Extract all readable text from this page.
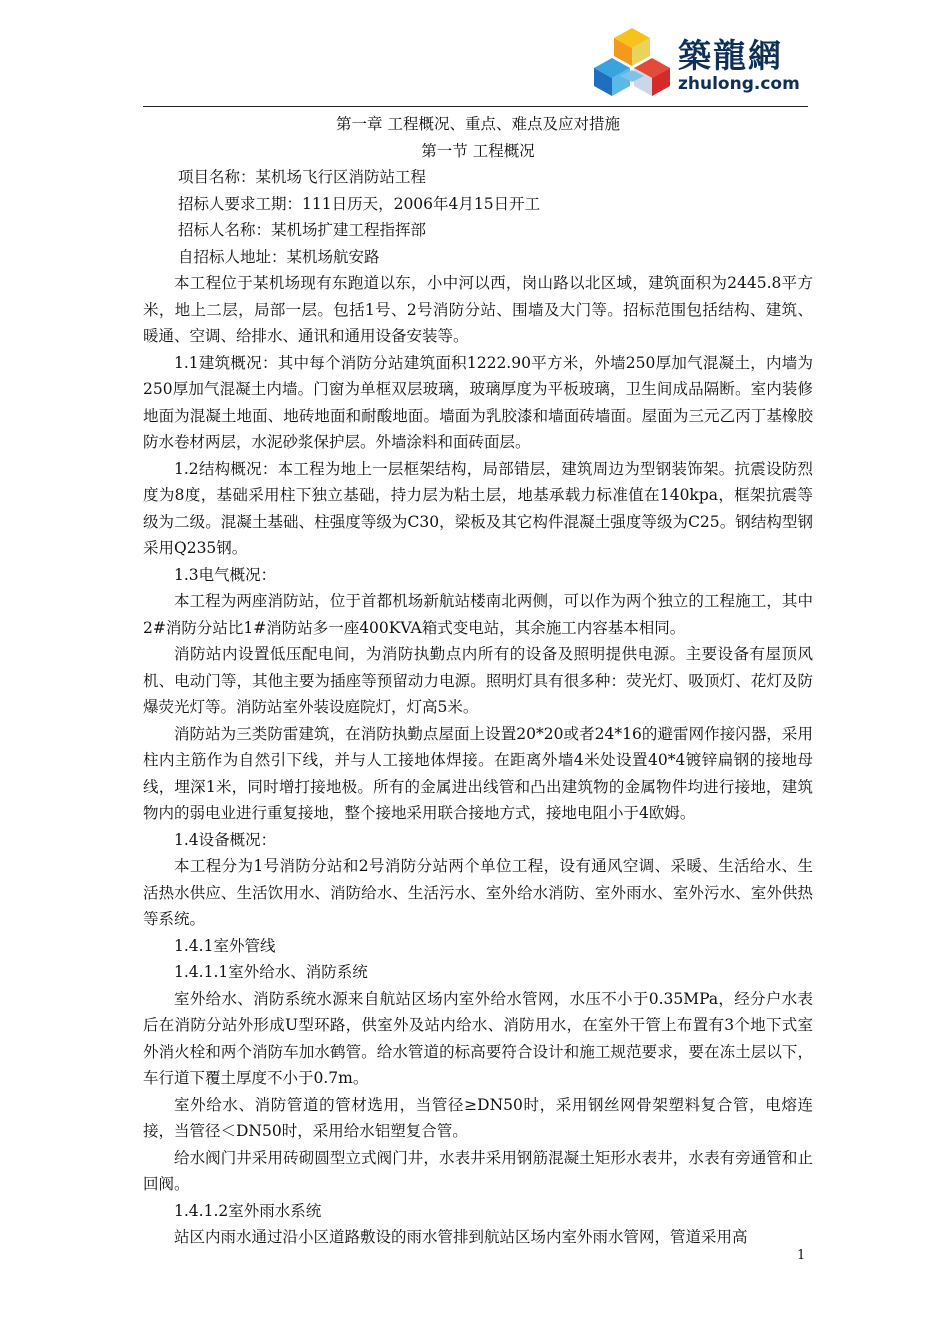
築龍網
zhulong.com
第一章 工程概况、重点、难点及应对措施
第一节 工程概况

项目名称：某机场飞行区消防站工程

招标人要求工期：111日历天，2006年4月15日开工

招标人名称：某机场扩建工程指挥部

自招标人地址：某机场航安路

本工程位于某机场现有东跑道以东，小中河以西，岗山路以北区域，建筑面积为2445.8平方米，地上二层，局部一层。包括1号、2号消防分站、围墙及大门等。招标范围包括结构、建筑、暖通、空调、给排水、通讯和通用设备安装等。

1.1建筑概况：其中每个消防分站建筑面积1222.90平方米，外墙250厚加气混凝土，内墙为250厚加气混凝土内墙。门窗为单框双层玻璃，玻璃厚度为平板玻璃，卫生间成品隔断。室内装修地面为混凝土地面、地砖地面和耐酸地面。墙面为乳胶漆和墙面砖墙面。屋面为三元乙丙丁基橡胶防水卷材两层，水泥砂浆保护层。外墙涂料和面砖面层。

1.2结构概况：本工程为地上一层框架结构，局部错层，建筑周边为型钢装饰架。抗震设防烈度为8度，基础采用柱下独立基础，持力层为粘土层，地基承载力标准值在140kpa，框架抗震等级为二级。混凝土基础、柱强度等级为C30，梁板及其它构件混凝土强度等级为C25。钢结构型钢采用Q235钢。

1.3电气概况：

本工程为两座消防站，位于首都机场新航站楼南北两侧，可以作为两个独立的工程施工，其中2#消防分站比1#消防站多一座400KVA箱式变电站，其余施工内容基本相同。

消防站内设置低压配电间，为消防执勤点内所有的设备及照明提供电源。主要设备有屋顶风机、电动门等，其他主要为插座等预留动力电源。照明灯具有很多种：荧光灯、吸顶灯、花灯及防爆荧光灯等。消防站室外装设庭院灯，灯高5米。

消防站为三类防雷建筑，在消防执勤点屋面上设置20*20或者24*16的避雷网作接闪器，采用柱内主筋作为自然引下线，并与人工接地体焊接。在距离外墙4米处设置40*4镀锌扁钢的接地母线，埋深1米，同时增打接地极。所有的金属进出线管和凸出建筑物的金属物件均进行接地，建筑物内的弱电业进行重复接地，整个接地采用联合接地方式，接地电阻小于4欧姆。

1.4设备概况：

本工程分为1号消防分站和2号消防分站两个单位工程，设有通风空调、采暖、生活给水、生活热水供应、生活饮用水、消防给水、生活污水、室外给水消防、室外雨水、室外污水、室外供热等系统。

1.4.1室外管线

1.4.1.1室外给水、消防系统

室外给水、消防系统水源来自航站区场内室外给水管网，水压不小于0.35MPa，经分户水表后在消防分站外形成U型环路，供室外及站内给水、消防用水，在室外干管上布置有3个地下式室外消火栓和两个消防车加水鹤管。给水管道的标高要符合设计和施工规范要求，要在冻土层以下，车行道下覆土厚度不小于0.7m。

室外给水、消防管道的管材选用，当管径≥DN50时，采用钢丝网骨架塑料复合管，电熔连接，当管径＜DN50时，采用给水铝塑复合管。

给水阀门井采用砖砌圆型立式阀门井，水表井采用钢筋混凝土矩形水表井，水表有旁通管和止回阀。

1.4.1.2室外雨水系统

站区内雨水通过沿小区道路敷设的雨水管排到航站区场内室外雨水管网，管道采用高

1
